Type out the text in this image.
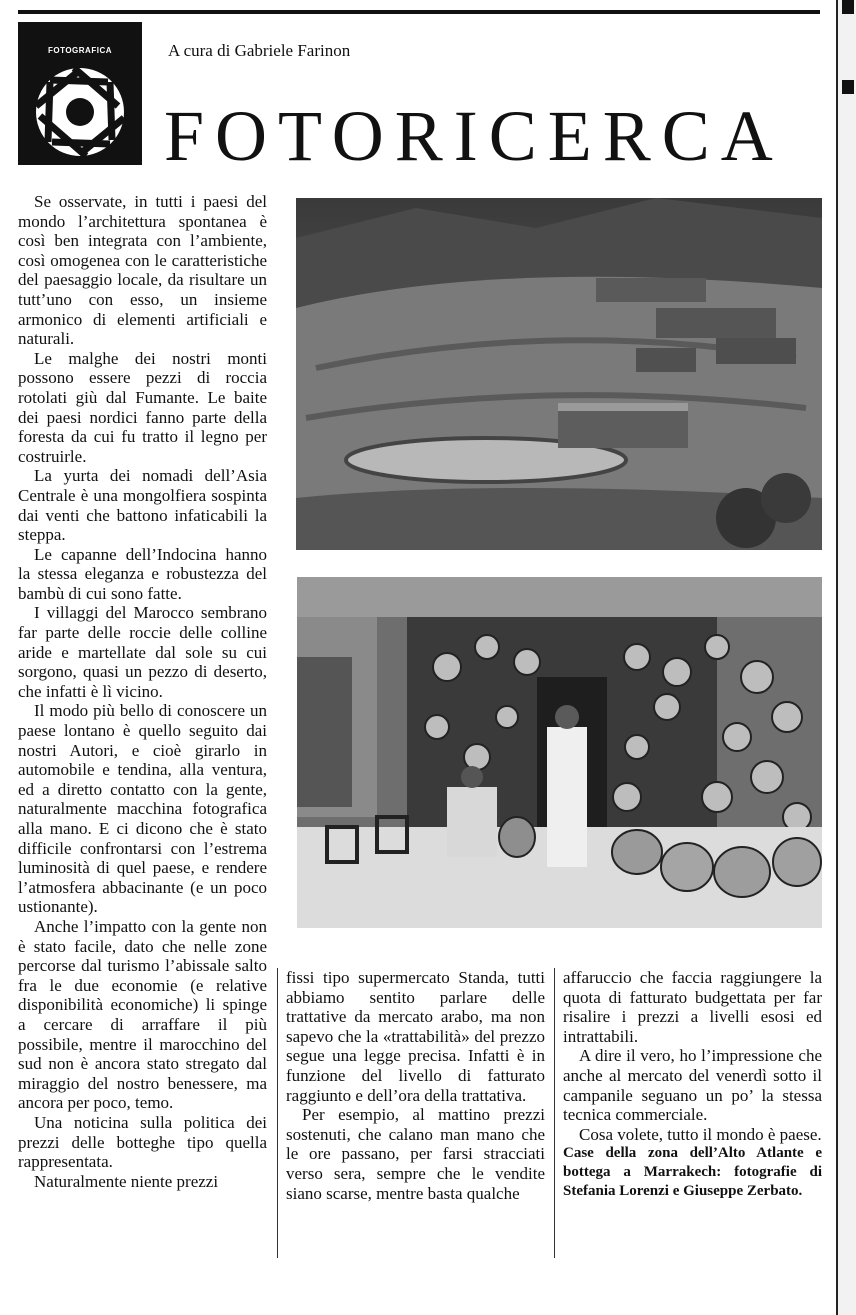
FOTOGRAFICA	A cura di Gabriele Farinon
FOTORICERCA

Se osservate, in tutti i paesi del mondo l’architettura spontanea è così ben integrata con l’ambiente, così omogenea con le caratteristiche del paesaggio locale, da risultare un tutt’uno con esso, un insieme armonico di elementi artificiali e naturali.

Le malghe dei nostri monti possono essere pezzi di roccia rotolati giù dal Fumante. Le baite dei paesi nordici fanno parte della foresta da cui fu tratto il legno per costruirle.

La yurta dei nomadi dell’Asia Centrale è una mongolfiera sospinta dai venti che battono infaticabili la steppa.

Le capanne dell’Indocina hanno la stessa eleganza e robustezza del bambù di cui sono fatte.

I villaggi del Marocco sembrano far parte delle roccie delle colline aride e martellate dal sole su cui sorgono, quasi un pezzo di deserto, che infatti è lì vicino.

Il modo più bello di conoscere un paese lontano è quello seguito dai nostri Autori, e cioè girarlo in automobile e tendina, alla ventura, ed a diretto contatto con la gente, naturalmente macchina fotografica alla mano. E ci dicono che è stato difficile confrontarsi con l’estrema luminosità di quel paese, e rendere l’atmosfera abbacinante (e un poco ustionante).

Anche l’impatto con la gente non è stato facile, dato che nelle zone percorse dal turismo l’abissale salto fra le due economie (e relative disponibilità economiche) li spinge a cercare di arraffare il più possibile, mentre il marocchino del sud non è ancora stato stregato dal miraggio del nostro benessere, ma ancora per poco, temo.

Una noticina sulla politica dei prezzi delle botteghe tipo quella rappresentata.

Naturalmente niente prezzi

fissi tipo supermercato Standa, tutti abbiamo sentito parlare delle trattative da mercato arabo, ma non sapevo che la «trattabilità» del prezzo segue una legge precisa. Infatti è in funzione del livello di fatturato raggiunto e dell’ora della trattativa.

Per esempio, al mattino prezzi sostenuti, che calano man mano che le ore passano, per farsi stracciati verso sera, sempre che le vendite siano scarse, mentre basta qualche

affaruccio che faccia raggiungere la quota di fatturato budgettata per far risalire i prezzi a livelli esosi ed intrattabili.

A dire il vero, ho l’impressione che anche al mercato del venerdì sotto il campanile seguano un po’ la stessa tecnica commerciale.

Cosa volete, tutto il mondo è paese.

Case della zona dell’Alto Atlante e bottega a Marrakech: fotografie di Stefania Lorenzi e Giuseppe Zerbato.
